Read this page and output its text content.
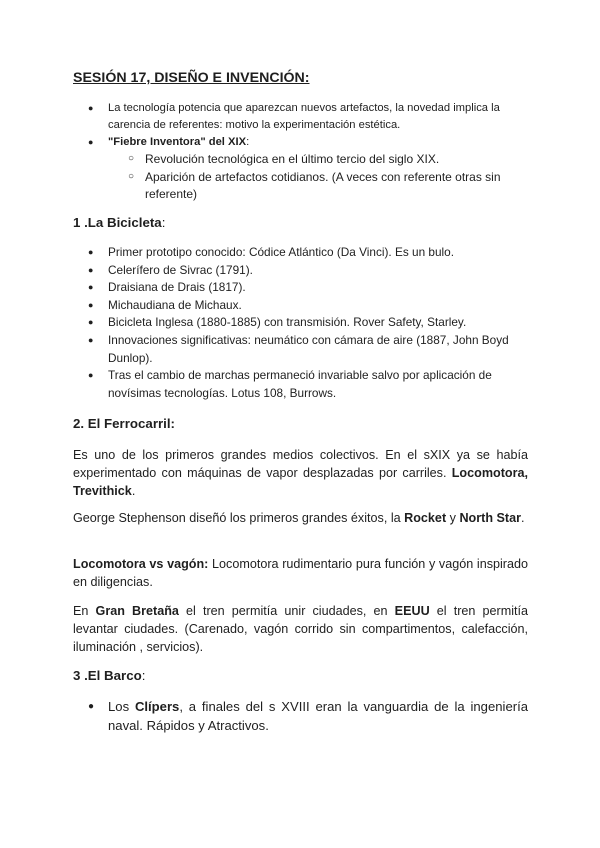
SESIÓN 17, DISEÑO E INVENCIÓN:
● La tecnología potencia que aparezcan nuevos artefactos, la novedad implica la carencia de referentes: motivo la experimentación estética.
● "Fiebre Inventora" del XIX:
○ Revolución tecnológica en el último tercio del siglo XIX.
○ Aparición de artefactos cotidianos. (A veces con referente otras sin referente)
1 .La Bicicleta:
● Primer prototipo conocido: Códice Atlántico (Da Vinci). Es un bulo.
● Celerífero de Sivrac (1791).
● Draisiana de Drais (1817).
● Michaudiana de Michaux.
● Bicicleta Inglesa (1880-1885) con transmisión. Rover Safety, Starley.
● Innovaciones significativas: neumático con cámara de aire (1887, John Boyd Dunlop).
● Tras el cambio de marchas permaneció invariable salvo por aplicación de novísimas tecnologías. Lotus 108, Burrows.
2. El Ferrocarril:
Es uno de los primeros grandes medios colectivos. En el sXIX ya se había experimentado con máquinas de vapor desplazadas por carriles. Locomotora, Trevithick.
George Stephenson diseñó los primeros grandes éxitos, la Rocket y North Star.
Locomotora vs vagón: Locomotora rudimentario pura función y vagón inspirado en diligencias.
En Gran Bretaña el tren permitía unir ciudades, en EEUU el tren permitía levantar ciudades. (Carenado, vagón corrido sin compartimentos, calefacción, iluminación , servicios).
3 .El Barco:
● Los Clípers, a finales del s XVIII eran la vanguardia de la ingeniería naval. Rápidos y Atractivos.
